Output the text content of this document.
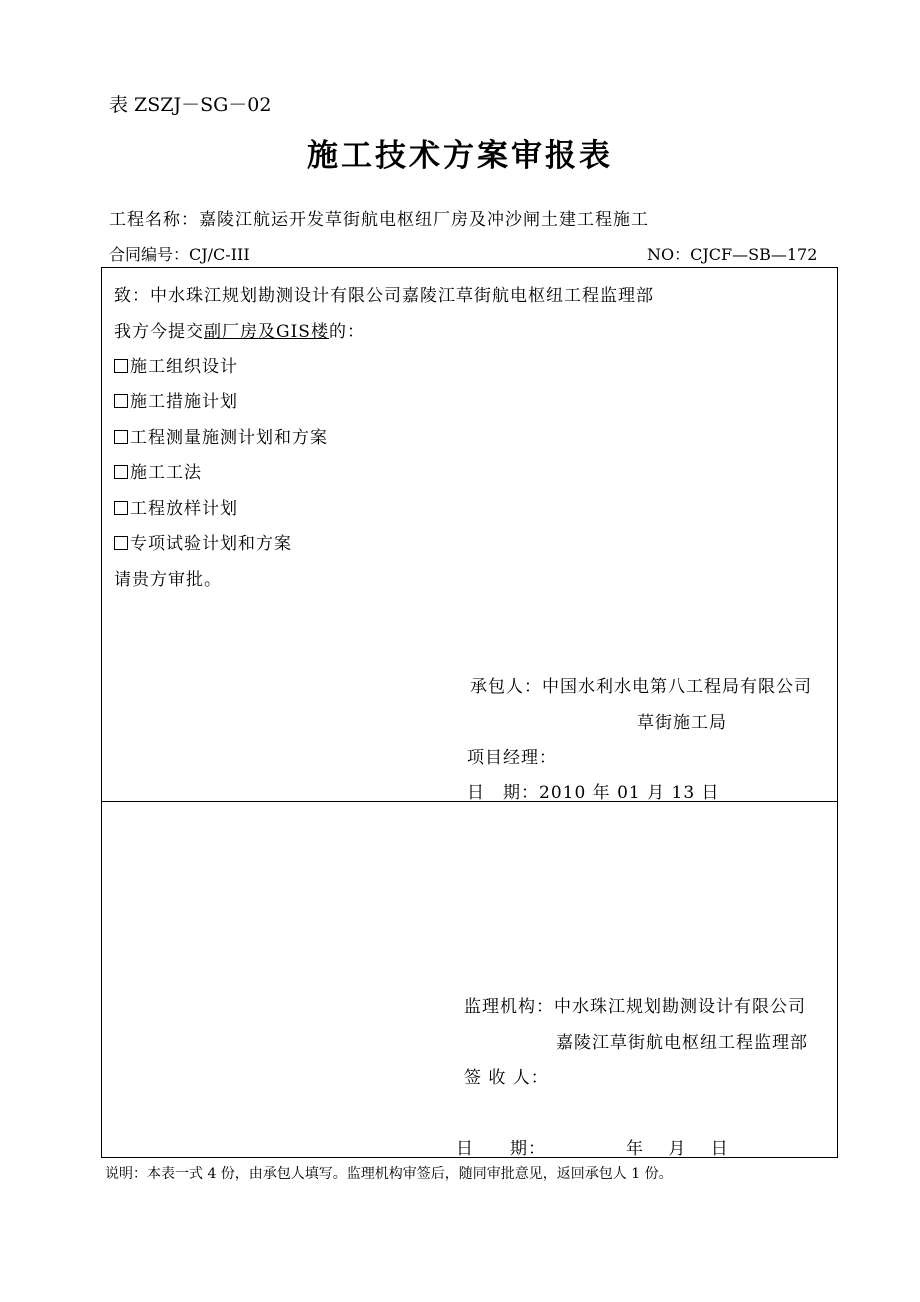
表 ZSZJ－SG－02
施工技术方案审报表
工程名称：嘉陵江航运开发草街航电枢纽厂房及冲沙闸土建工程施工
合同编号：CJ/C-III	NO：CJCF—SB—172
致：中水珠江规划勘测设计有限公司嘉陵江草街航电枢纽工程监理部
我方今提交副厂房及GIS楼的：
施工组织设计
施工措施计划
工程测量施测计划和方案
施工工法
工程放样计划
专项试验计划和方案
请贵方审批。
承包人：中国水利水电第八工程局有限公司
草街施工局
项目经理：
日　期：2010 年 01 月 13 日
监理机构：中水珠江规划勘测设计有限公司
嘉陵江草街航电枢纽工程监理部
签 收 人：
日　　期：	年　 月　 日
说明：本表一式 4 份，由承包人填写。监理机构审签后，随同审批意见，返回承包人 1 份。
